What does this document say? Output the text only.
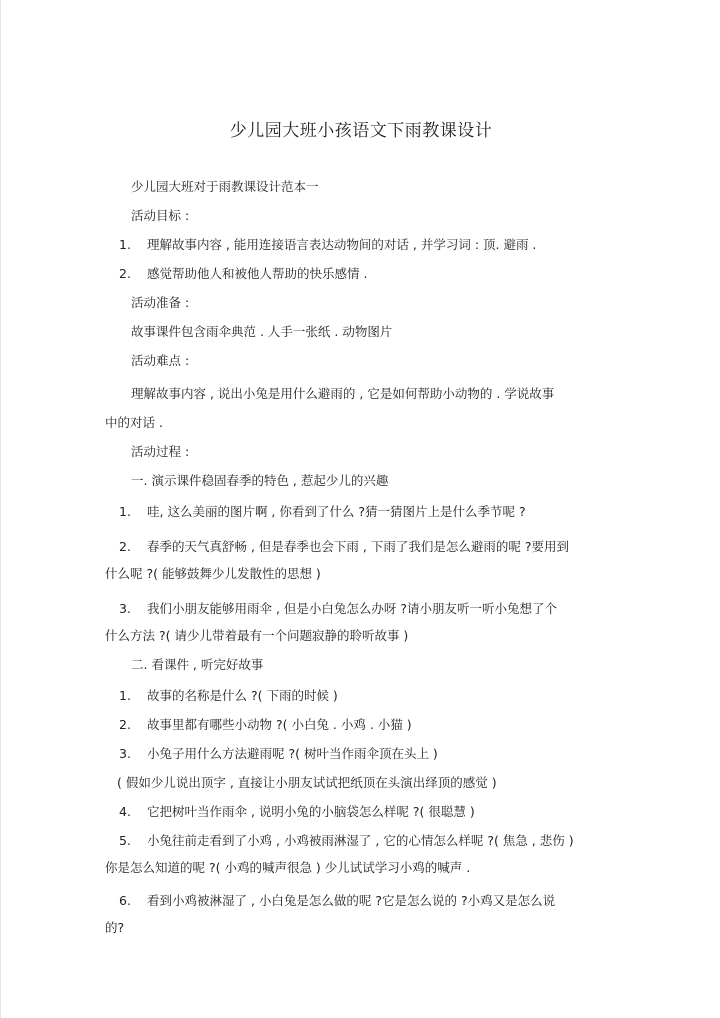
少儿园大班小孩语文下雨教课设计
少儿园大班对于雨教课设计范本一
活动目标 :
1. 理解故事内容 , 能用连接语言表达动物间的对话 , 并学习词 : 顶. 避雨 .
2. 感觉帮助他人和被他人帮助的快乐感情 .
活动准备 :
故事课件包含雨伞典范 . 人手一张纸 . 动物图片
活动难点 :
理解故事内容 , 说出小兔是用什么避雨的 , 它是如何帮助小动物的 . 学说故事
中的对话 .
活动过程 :
一. 演示课件稳固春季的特色 , 惹起少儿的兴趣
1. 哇, 这么美丽的图片啊 , 你看到了什么 ?猜一猜图片上是什么季节呢 ?
2. 春季的天气真舒畅 , 但是春季也会下雨 , 下雨了我们是怎么避雨的呢 ?要用到
什么呢 ?( 能够鼓舞少儿发散性的思想 )
3. 我们小朋友能够用雨伞 , 但是小白兔怎么办呀 ?请小朋友听一听小兔想了个
什么方法 ?( 请少儿带着最有一个问题寂静的聆听故事 )
二. 看课件 , 听完好故事
1. 故事的名称是什么 ?( 下雨的时候 )
2. 故事里都有哪些小动物 ?( 小白兔 . 小鸡 . 小猫 )
3. 小兔子用什么方法避雨呢 ?( 树叶当作雨伞顶在头上 )
( 假如少儿说出顶字 , 直接让小朋友试试把纸顶在头演出绎顶的感觉 )
4. 它把树叶当作雨伞 , 说明小兔的小脑袋怎么样呢 ?( 很聪慧 )
5. 小兔往前走看到了小鸡 , 小鸡被雨淋湿了 , 它的心情怎么样呢 ?( 焦急 , 悲伤 )
你是怎么知道的呢 ?( 小鸡的喊声很急 ) 少儿试试学习小鸡的喊声 .
6. 看到小鸡被淋湿了 , 小白兔是怎么做的呢 ?它是怎么说的 ?小鸡又是怎么说
的?
